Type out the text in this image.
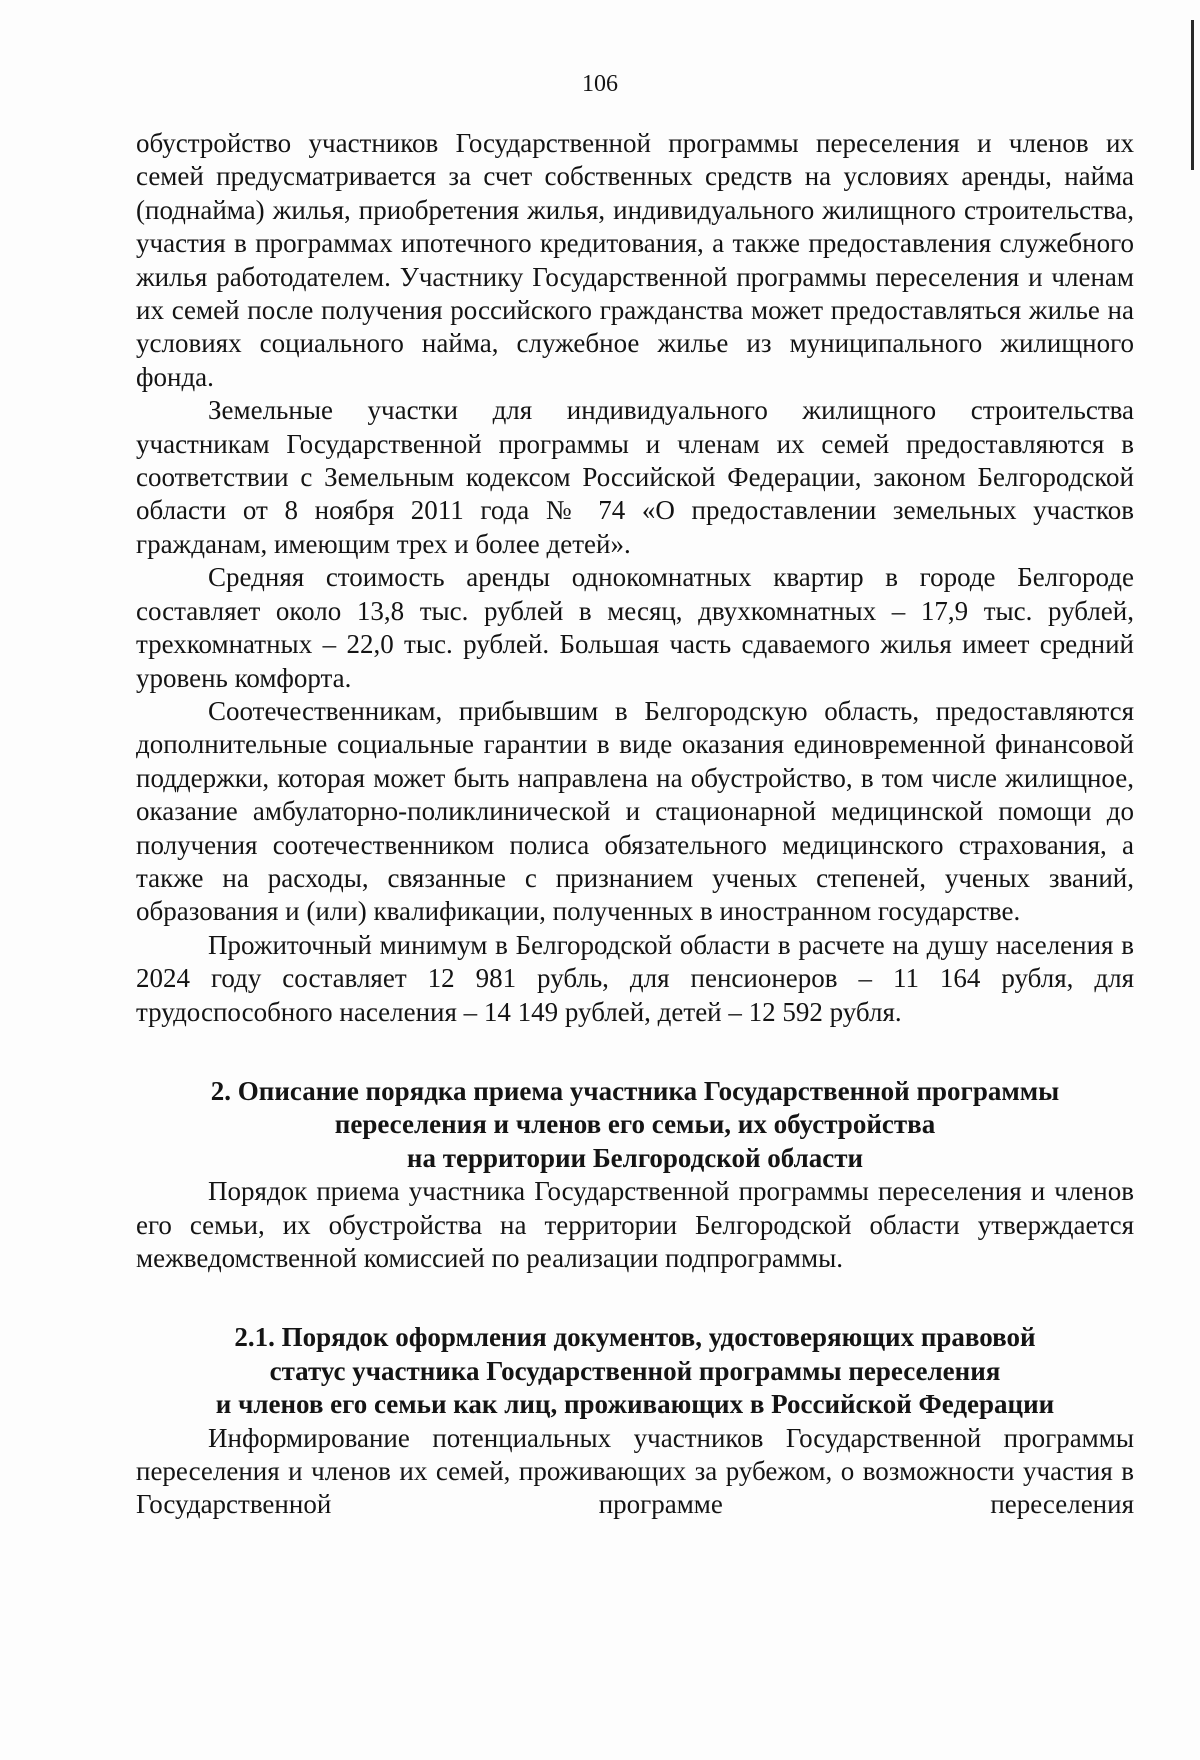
106

обустройство участников Государственной программы переселения и членов их семей предусматривается за счет собственных средств на условиях аренды, найма (поднайма) жилья, приобретения жилья, индивидуального жилищного строительства, участия в программах ипотечного кредитования, а также предоставления служебного жилья работодателем. Участнику Государственной программы переселения и членам их семей после получения российского гражданства может предоставляться жилье на условиях социального найма, служебное жилье из муниципального жилищного фонда.

Земельные участки для индивидуального жилищного строительства участникам Государственной программы и членам их семей предоставляются в соответствии с Земельным кодексом Российской Федерации, законом Белгородской области от 8 ноября 2011 года № 74 «О предоставлении земельных участков гражданам, имеющим трех и более детей».

Средняя стоимость аренды однокомнатных квартир в городе Белгороде составляет около 13,8 тыс. рублей в месяц, двухкомнатных – 17,9 тыс. рублей, трехкомнатных – 22,0 тыс. рублей. Большая часть сдаваемого жилья имеет средний уровень комфорта.

Соотечественникам, прибывшим в Белгородскую область, предоставляются дополнительные социальные гарантии в виде оказания единовременной финансовой поддержки, которая может быть направлена на обустройство, в том числе жилищное, оказание амбулаторно-поликлинической и стационарной медицинской помощи до получения соотечественником полиса обязательного медицинского страхования, а также на расходы, связанные с признанием ученых степеней, ученых званий, образования и (или) квалификации, полученных в иностранном государстве.

Прожиточный минимум в Белгородской области в расчете на душу населения в 2024 году составляет 12 981 рубль, для пенсионеров – 11 164 рубля, для трудоспособного населения – 14 149 рублей, детей – 12 592 рубля.

2. Описание порядка приема участника Государственной программы
переселения и членов его семьи, их обустройства
на территории Белгородской области

Порядок приема участника Государственной программы переселения и членов его семьи, их обустройства на территории Белгородской области утверждается межведомственной комиссией по реализации подпрограммы.

2.1. Порядок оформления документов, удостоверяющих правовой
статус участника Государственной программы переселения
и членов его семьи как лиц, проживающих в Российской Федерации

Информирование потенциальных участников Государственной программы переселения и членов их семей, проживающих за рубежом, о возможности участия в Государственной программе переселения
